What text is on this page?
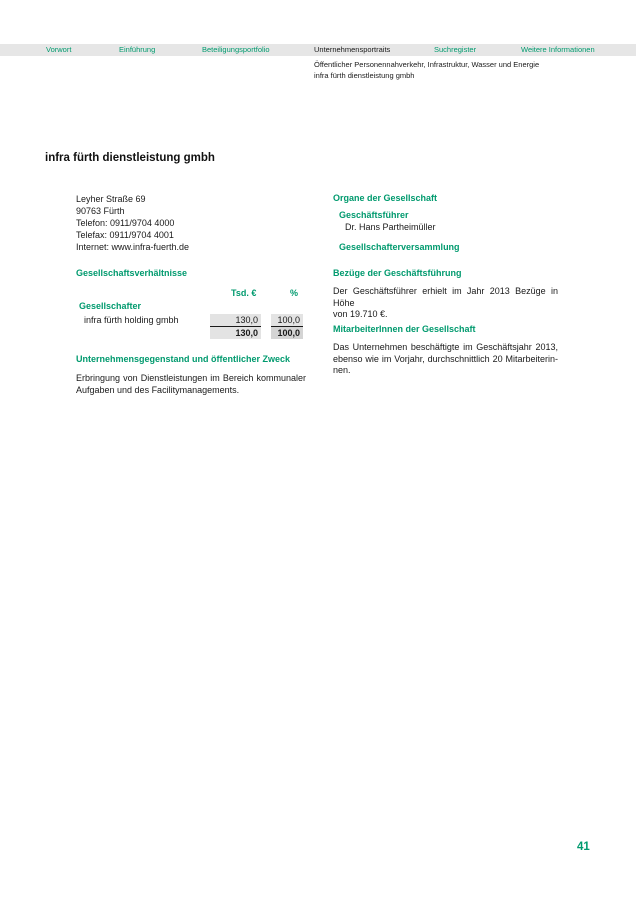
Vorwort	Einführung	Beteiligungsportfolio	Unternehmensportraits	Suchregister	Weitere Informationen
Öffentlicher Personennahverkehr, Infrastruktur, Wasser und Energie
infra fürth dienstleistung gmbh
infra fürth dienstleistung gmbh
Leyher Straße 69
90763 Fürth
Telefon: 0911/9704 4000
Telefax: 0911/9704 4001
Internet: www.infra-fuerth.de
Gesellschaftsverhältnisse
Tsd. €	%
Gesellschafter
infra fürth holding gmbh	130,0	100,0
130,0	100,0
Unternehmensgegenstand und öffentlicher Zweck
Erbringung von Dienstleistungen im Bereich kommunaler
Aufgaben und des Facilitymanagements.
Organe der Gesellschaft
Geschäftsführer
Dr. Hans Partheimüller
Gesellschafterversammlung
Bezüge der Geschäftsführung
Der Geschäftsführer erhielt im Jahr 2013 Bezüge in Höhe
von 19.710 €.
MitarbeiterInnen der Gesellschaft
Das Unternehmen beschäftigte im Geschäftsjahr 2013,
ebenso wie im Vorjahr, durchschnittlich 20 Mitarbeiterin-
nen.
41
